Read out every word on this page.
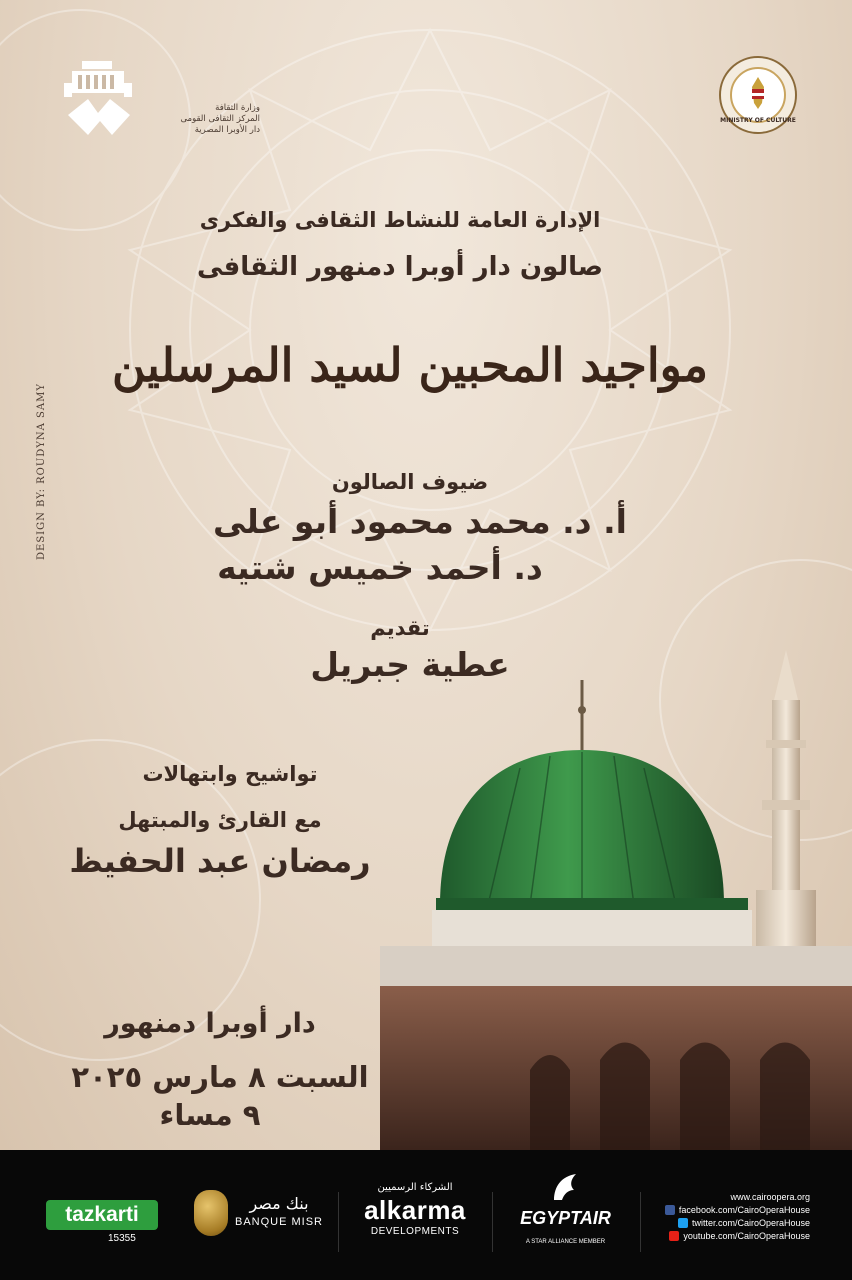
وزارة الثقافة
المركز الثقافى القومى
دار الأوبرا المصرية
MINISTRY OF CULTURE
الإدارة العامة للنشاط الثقافى والفكرى
صالون دار أوبرا دمنهور الثقافى
مواجيد المحبين لسيد المرسلين
ضيوف الصالون
أ. د. محمد محمود أبو على
د. أحمد خميس شتيه
تقديم
عطية جبريل
تواشيح وابتهالات
مع القارئ والمبتهل
رمضان عبد الحفيظ
دار أوبرا دمنهور
السبت ٨ مارس ٢٠٢٥
٩ مساء
DESIGN BY: ROUDYNA SAMY
tazkarti
15355
بنك مصر
BANQUE MISR
الشركاء الرسميين
alkarma
DEVELOPMENTS
EGYPTAIR
A STAR ALLIANCE MEMBER
www.cairoopera.org
facebook.com/CairoOperaHouse
twitter.com/CairoOperaHouse
youtube.com/CairoOperaHouse
